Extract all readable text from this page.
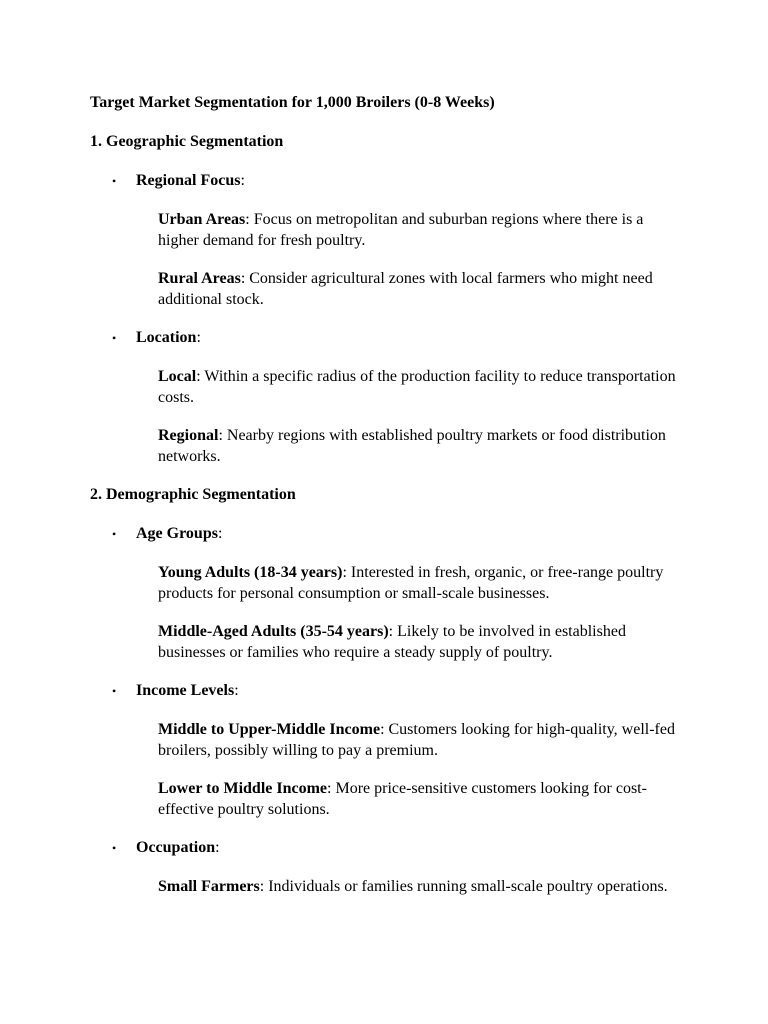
Target Market Segmentation for 1,000 Broilers (0-8 Weeks)

1. Geographic Segmentation

• Regional Focus:

Urban Areas: Focus on metropolitan and suburban regions where there is a higher demand for fresh poultry.

Rural Areas: Consider agricultural zones with local farmers who might need additional stock.

• Location:

Local: Within a specific radius of the production facility to reduce transportation costs.

Regional: Nearby regions with established poultry markets or food distribution networks.

2. Demographic Segmentation

• Age Groups:

Young Adults (18-34 years): Interested in fresh, organic, or free-range poultry products for personal consumption or small-scale businesses.

Middle-Aged Adults (35-54 years): Likely to be involved in established businesses or families who require a steady supply of poultry.

• Income Levels:

Middle to Upper-Middle Income: Customers looking for high-quality, well-fed broilers, possibly willing to pay a premium.

Lower to Middle Income: More price-sensitive customers looking for cost-effective poultry solutions.

• Occupation:

Small Farmers: Individuals or families running small-scale poultry operations.
